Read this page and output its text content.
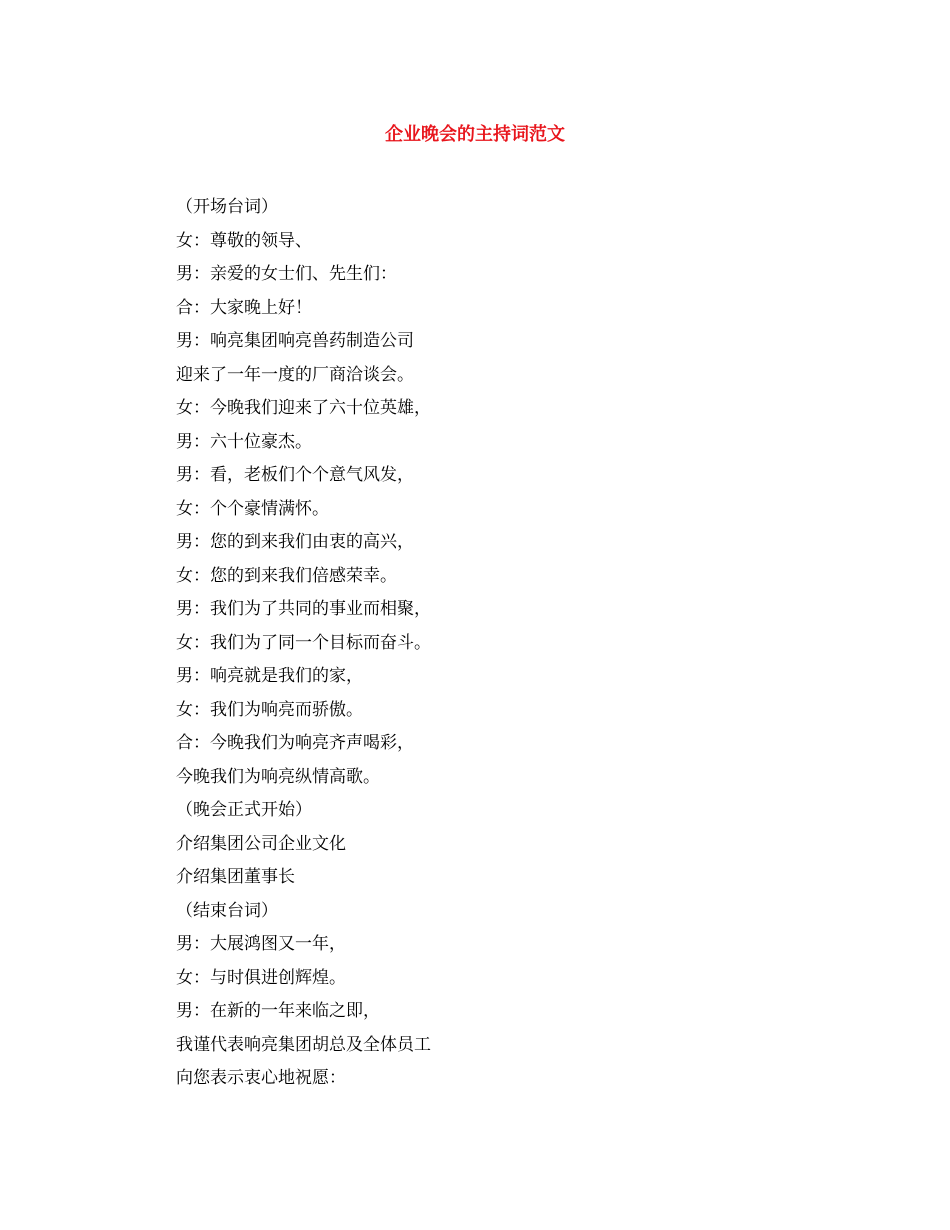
企业晚会的主持词范文
（开场台词）
女：尊敬的领导、
男：亲爱的女士们、先生们：
合：大家晚上好！
男：响亮集团响亮兽药制造公司
迎来了一年一度的厂商洽谈会。
女：今晚我们迎来了六十位英雄，
男：六十位豪杰。
男：看，老板们个个意气风发，
女：个个豪情满怀。
男：您的到来我们由衷的高兴，
女：您的到来我们倍感荣幸。
男：我们为了共同的事业而相聚，
女：我们为了同一个目标而奋斗。
男：响亮就是我们的家，
女：我们为响亮而骄傲。
合：今晚我们为响亮齐声喝彩，
今晚我们为响亮纵情高歌。
（晚会正式开始）
介绍集团公司企业文化
介绍集团董事长
（结束台词）
男：大展鸿图又一年，
女：与时俱进创辉煌。
男：在新的一年来临之即，
我谨代表响亮集团胡总及全体员工
向您表示衷心地祝愿：
